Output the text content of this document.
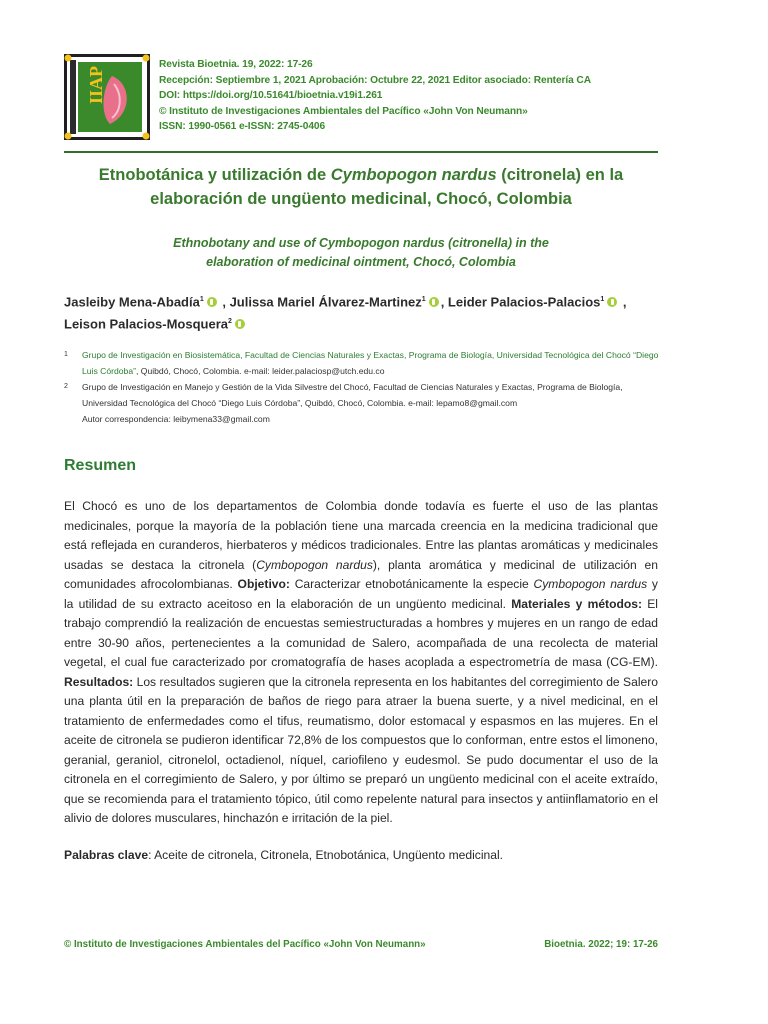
IIAP
Revista Bioetnia. 19, 2022: 17-26
Recepción: Septiembre 1, 2021 Aprobación: Octubre 22, 2021 Editor asociado: Rentería CA
DOI: https://doi.org/10.51641/bioetnia.v19i1.261
© Instituto de Investigaciones Ambientales del Pacífico «John Von Neumann»
ISSN: 1990-0561 e-ISSN: 2745-0406
Etnobotánica y utilización de Cymbopogon nardus (citronela) en la
elaboración de ungüento medicinal, Chocó, Colombia
Ethnobotany and use of Cymbopogon nardus (citronella) in the
elaboration of medicinal ointment, Chocó, Colombia
Jasleiby Mena-Abadía$^1$ , Julissa Mariel Álvarez-Martinez$^1$ , Leider Palacios-Palacios$^1$ ,
Leison Palacios-Mosquera$^2$
1 Grupo de Investigación en Biosistemática, Facultad de Ciencias Naturales y Exactas, Programa de Biología, Universidad Tecnológica del Chocó “Diego Luis Córdoba”, Quibdó, Chocó, Colombia. e-mail: leider.palaciosp@utch.edu.co
2 Grupo de Investigación en Manejo y Gestión de la Vida Silvestre del Chocó, Facultad de Ciencias Naturales y Exactas, Programa de Biología, Universidad Tecnológica del Chocó “Diego Luis Córdoba”, Quibdó, Chocó, Colombia. e-mail: lepamo8@gmail.com
Autor correspondencia: leibymena33@gmail.com
Resumen

El Chocó es uno de los departamentos de Colombia donde todavía es fuerte el uso de las plantas medicinales, porque la mayoría de la población tiene una marcada creencia en la medicina tradicional que está reflejada en curanderos, hierbateros y médicos tradicionales. Entre las plantas aromáticas y medicinales usadas se destaca la citronela (Cymbopogon nardus), planta aromática y medicinal de utilización en comunidades afrocolombianas. Objetivo: Caracterizar etnobotánicamente la especie Cymbopogon nardus y la utilidad de su extracto aceitoso en la elaboración de un ungüento medicinal. Materiales y métodos: El trabajo comprendió la realización de encuestas semiestructuradas a hombres y mujeres en un rango de edad entre 30-90 años, pertenecientes a la comunidad de Salero, acompañada de una recolecta de material vegetal, el cual fue caracterizado por cromatografía de hases acoplada a espectrometría de masa (CG-EM). Resultados: Los resultados sugieren que la citronela representa en los habitantes del corregimiento de Salero una planta útil en la preparación de baños de riego para atraer la buena suerte, y a nivel medicinal, en el tratamiento de enfermedades como el tifus, reumatismo, dolor estomacal y espasmos en las mujeres. En el aceite de citronela se pudieron identificar 72,8% de los compuestos que lo conforman, entre estos el limoneno, geranial, geraniol, citronelol, octadienol, níquel, cariofileno y eudesmol. Se pudo documentar el uso de la citronela en el corregimiento de Salero, y por último se preparó un ungüento medicinal con el aceite extraído, que se recomienda para el tratamiento tópico, útil como repelente natural para insectos y antiinflamatorio en el alivio de dolores musculares, hinchazón e irritación de la piel.

Palabras clave: Aceite de citronela, Citronela, Etnobotánica, Ungüento medicinal.
© Instituto de Investigaciones Ambientales del Pacífico «John Von Neumann»	Bioetnia. 2022; 19: 17-26
